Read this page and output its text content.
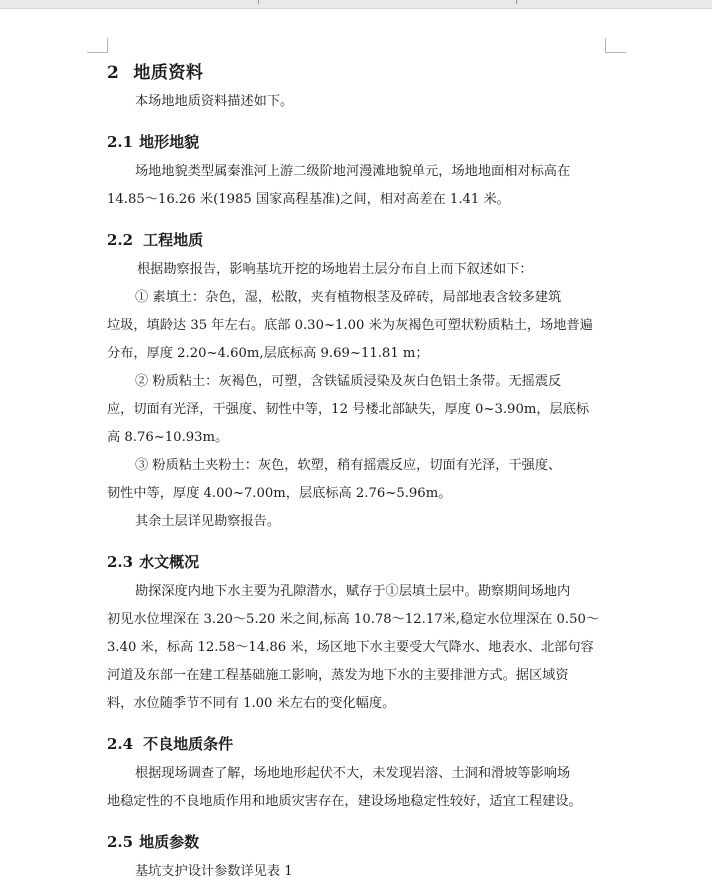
2 地质资料
本场地地质资料描述如下。
2.1 地形地貌
场地地貌类型属秦淮河上游二级阶地河漫滩地貌单元，场地地面相对标高在
14.85～16.26 米(1985 国家高程基准)之间，相对高差在 1.41 米。
2.2 工程地质
根据勘察报告，影响基坑开挖的场地岩土层分布自上而下叙述如下：
① 素填土：杂色，湿，松散，夹有植物根茎及碎砖，局部地表含较多建筑
垃圾，填龄达 35 年左右。底部 0.30~1.00 米为灰褐色可塑状粉质粘土，场地普遍
分布，厚度 2.20~4.60m,层底标高 9.69~11.81 m；
② 粉质粘土：灰褐色，可塑，含铁锰质浸染及灰白色铝土条带。无摇震反
应，切面有光泽，干强度、韧性中等，12 号楼北部缺失，厚度 0~3.90m，层底标
高 8.76~10.93m。
③ 粉质粘土夹粉土：灰色，软塑，稍有摇震反应，切面有光泽，干强度、
韧性中等，厚度 4.00~7.00m，层底标高 2.76~5.96m。
其余土层详见勘察报告。
2.3 水文概况
勘探深度内地下水主要为孔隙潜水，赋存于①层填土层中。勘察期间场地内
初见水位埋深在 3.20～5.20 米之间,标高 10.78～12.17米,稳定水位埋深在 0.50～
3.40 米，标高 12.58～14.86 米，场区地下水主要受大气降水、地表水、北部句容
河道及东部一在建工程基础施工影响，蒸发为地下水的主要排泄方式。据区域资
料，水位随季节不同有 1.00 米左右的变化幅度。
2.4 不良地质条件
根据现场调查了解，场地地形起伏不大，未发现岩溶、土洞和滑坡等影响场
地稳定性的不良地质作用和地质灾害存在，建设场地稳定性较好，适宜工程建设。
2.5 地质参数
基坑支护设计参数详见表 1
